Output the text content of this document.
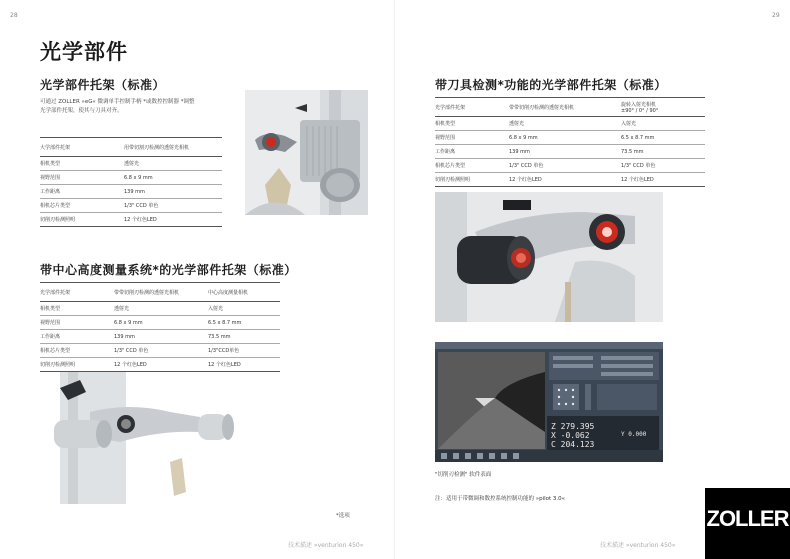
28	29
光学部件
光学部件托架（标准）
可通过 ZOLLER »eG« 微调单手控制手柄 *或数控控制器 *调整
光学部件托架，使其与刀具对齐。
大学部件托架	用带切割刃检测的透射光相机
相机类型	透射光
视野范围	6.8 x 9 mm
工作距离	139 mm
相机芯片类型	1/3" CCD 单色
切削刃检测照明	12 个红色LED
带中心高度测量系统*的光学部件托架（标准）
光学部件托架	带带切削刃检测的透射光相机	中心高度测量相机
相机类型	透射光	入射光
视野范围	6.8 x 9 mm	6.5 x 8.7 mm
工作距离	139 mm	73.5 mm
相机芯片类型	1/3" CCD 单色	1/3"CCD单色
切削刃检测照明	12 个红色LED	12 个红色LED
*选项
带刀具检测*功能的光学部件托架（标准）
光学部件托架	带带切削刃检测的透射光相机	旋转入射光相机
±90° / 0° / 90°

相机类型	透射光	入射光
视野范围	6.8 x 9 mm	6.5 x 8.7 mm
工作距离	139 mm	73.5 mm
相机芯片类型	1/3" CCD 单色	1/3" CCD 单色
切削刃检测照明	12 个红色LED	12 个红色LED
Z 279.395
X -0.062
C 204.123
Y 0.000
"切削刃检测" 软件表面
注：适用于带微调和数控系统控制功能的 »pilot 3.0«
技术描述 »venturion 450«	技术描述 »venturion 450«
ZOLLER
